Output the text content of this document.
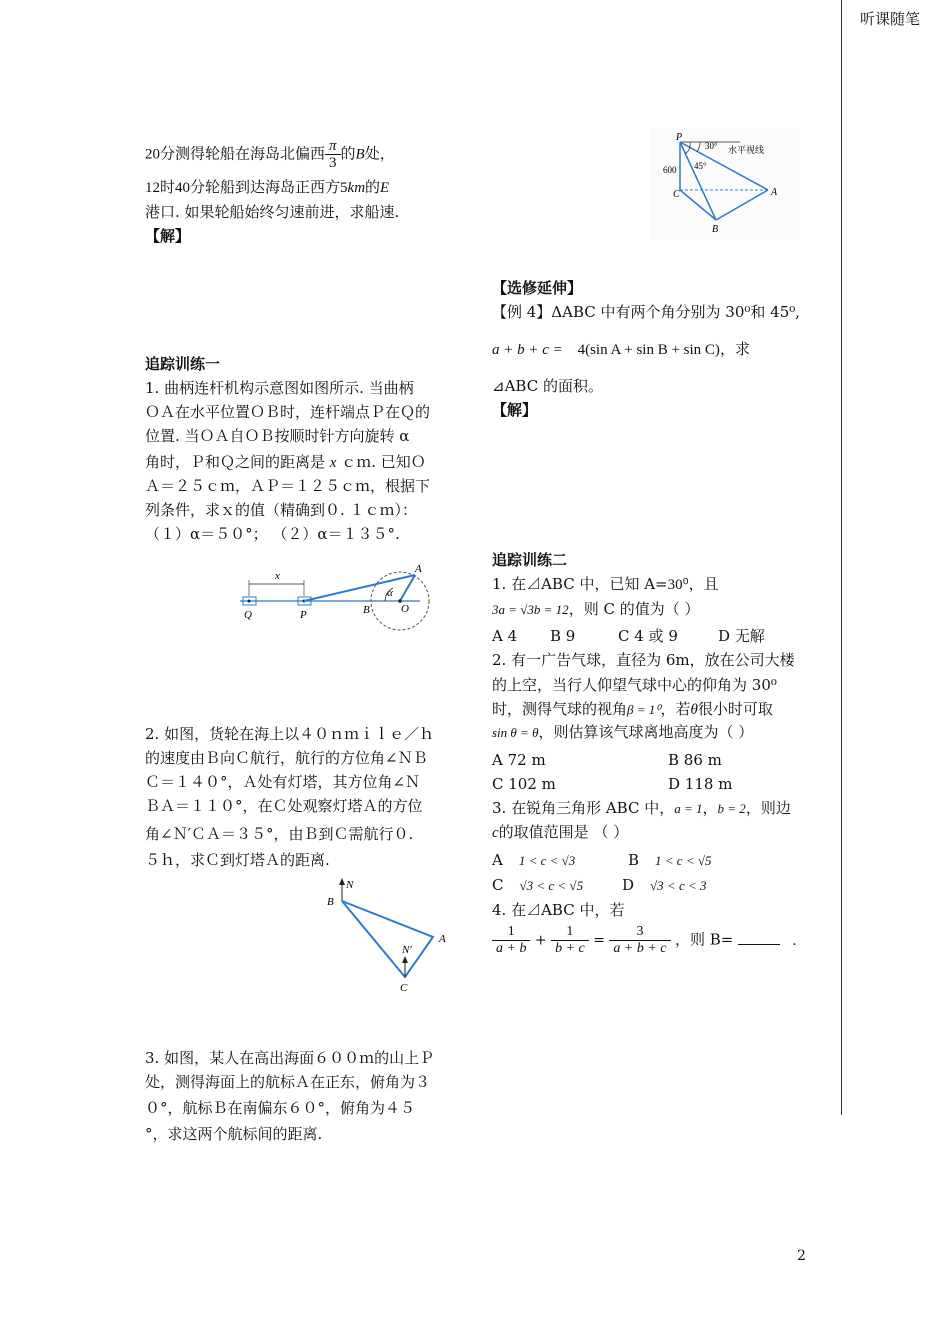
听课随笔
20分测得轮船在海岛北偏西 $\frac{\pi}{3}$ 的B处，
12时40分轮船到达海岛正西方5km的E
港口. 如果轮船始终匀速前进，求船速.
【解】
追踪训练一
1. 曲柄连杆机构示意图如图所示. 当曲柄
ＯＡ在水平位置ＯＢ时，连杆端点Ｐ在Ｑ的
位置. 当ＯＡ自ＯＢ按顺时针方向旋转 α
角时，Ｐ和Ｑ之间的距离是 x ｃｍ. 已知Ｏ
Ａ＝２５ｃｍ，ＡＰ＝１２５ｃｍ，根据下
列条件，求ｘ的值（精确到０. １ｃｍ）：
（１）α＝５０°； （２）α＝１３５°.
x
Q	P	B	O
A
α
2. 如图，货轮在海上以４０ｎｍｉｌｅ／ｈ
的速度由Ｂ向Ｃ航行，航行的方位角∠ＮＢ
Ｃ＝１４０°，Ａ处有灯塔，其方位角∠Ｎ
ＢＡ＝１１０°，在Ｃ处观察灯塔Ａ的方位
角∠Ｎ′ＣＡ＝３５°，由Ｂ到Ｃ需航行０.
５ｈ，求Ｃ到灯塔Ａ的距离.
N
B
A
N′
C
3. 如图，某人在高出海面６００ｍ的山上Ｐ
处，测得海面上的航标Ａ在正东，俯角为３
０°，航标Ｂ在南偏东６０°，俯角为４５
°，求这两个航标间的距离.
P
30°
45°
水平视线
600
C	A
B
【选修延伸】
【例 4】ΔABC 中有两个角分别为 30⁰和 45⁰,
a + b + c = 4(sin A + sin B + sin C)，求
⊿ABC 的面积。
【解】
追踪训练二
1. 在⊿ABC 中，已知 A=30⁰，且
3a = √3b = 12，则 C 的值为（ ）
A 4 B 9	C 4 或 9	D 无解
2. 有一广告气球，直径为 6m，放在公司大楼
的上空，当行人仰望气球中心的仰角为 30⁰
时，测得气球的视角β = 1⁰，若θ很小时可取
sin θ = θ，则估算该气球离地高度为（ ）
A 72 m	B 86 m
C 102 m	D 118 m
3. 在锐角三角形 ABC 中，a = 1，b = 2，则边
c的取值范围是 （ ）
A 1 < c < √3	B 1 < c < √5
C √3 < c < √5	D √3 < c < 3
4. 在⊿ABC 中，若
$\frac{1}{a + b} + \frac{1}{b + c} = \frac{3}{a + b + c}$ ，则 B=	.
2
